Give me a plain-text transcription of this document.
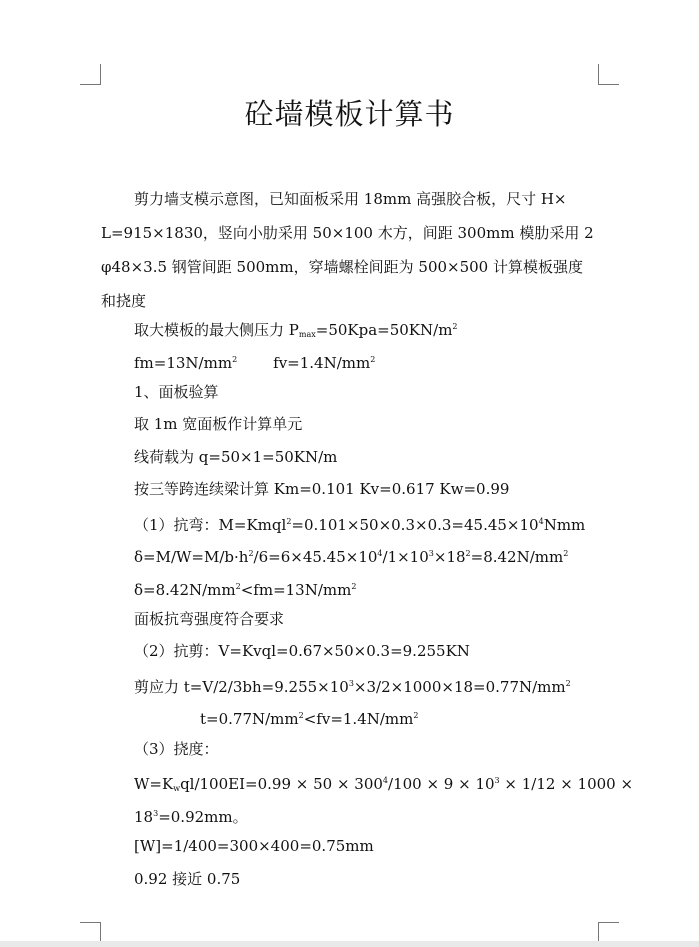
砼墙模板计算书
剪力墙支模示意图，已知面板采用 18mm 高强胶合板，尺寸 H×
L=915×1830，竖向小肋采用 50×100 木方，间距 300mm 模肋采用 2
φ48×3.5 钢管间距 500mm，穿墙螺栓间距为 500×500 计算模板强度
和挠度
取大模板的最大侧压力 $P_{max}=50Kpa=50KN/m^2$
$fm=13N/mm^2$ $fv=1.4N/mm^2$
1、面板验算
取 1m 宽面板作计算单元
线荷载为 q=50×1=50KN/m
按三等跨连续梁计算 Km=0.101 Kv=0.617 Kw=0.99
（1）抗弯：$M=Kmql^2=0.101\times 50\times 0.3\times 0.3=45.45\times 10^4Nmm$
$\delta=M/W=M/b\cdot h^2/6=6\times 45.45\times 10^4/1\times 10^3\times 18^2=8.42N/mm^2$
$\delta=8.42N/mm^2<fm=13N/mm^2$
面板抗弯强度符合要求
（2）抗剪：V=Kvql=0.67×50×0.3=9.255KN
剪应力 $t=V/2/3bh=9.255\times 10^3\times 3/2\times 1000\times 18=0.77N/mm^2$
$t=0.77N/mm^2<fv=1.4N/mm^2$
（3）挠度：
$W=K_wql/100EI=0.99 \times 50 \times 300^4/100 \times 9 \times 10^3 \times 1/12 \times 1000$ ×
$18^3=0.92mm$。
[W]=1/400=300×400=0.75mm
0.92 接近 0.75
